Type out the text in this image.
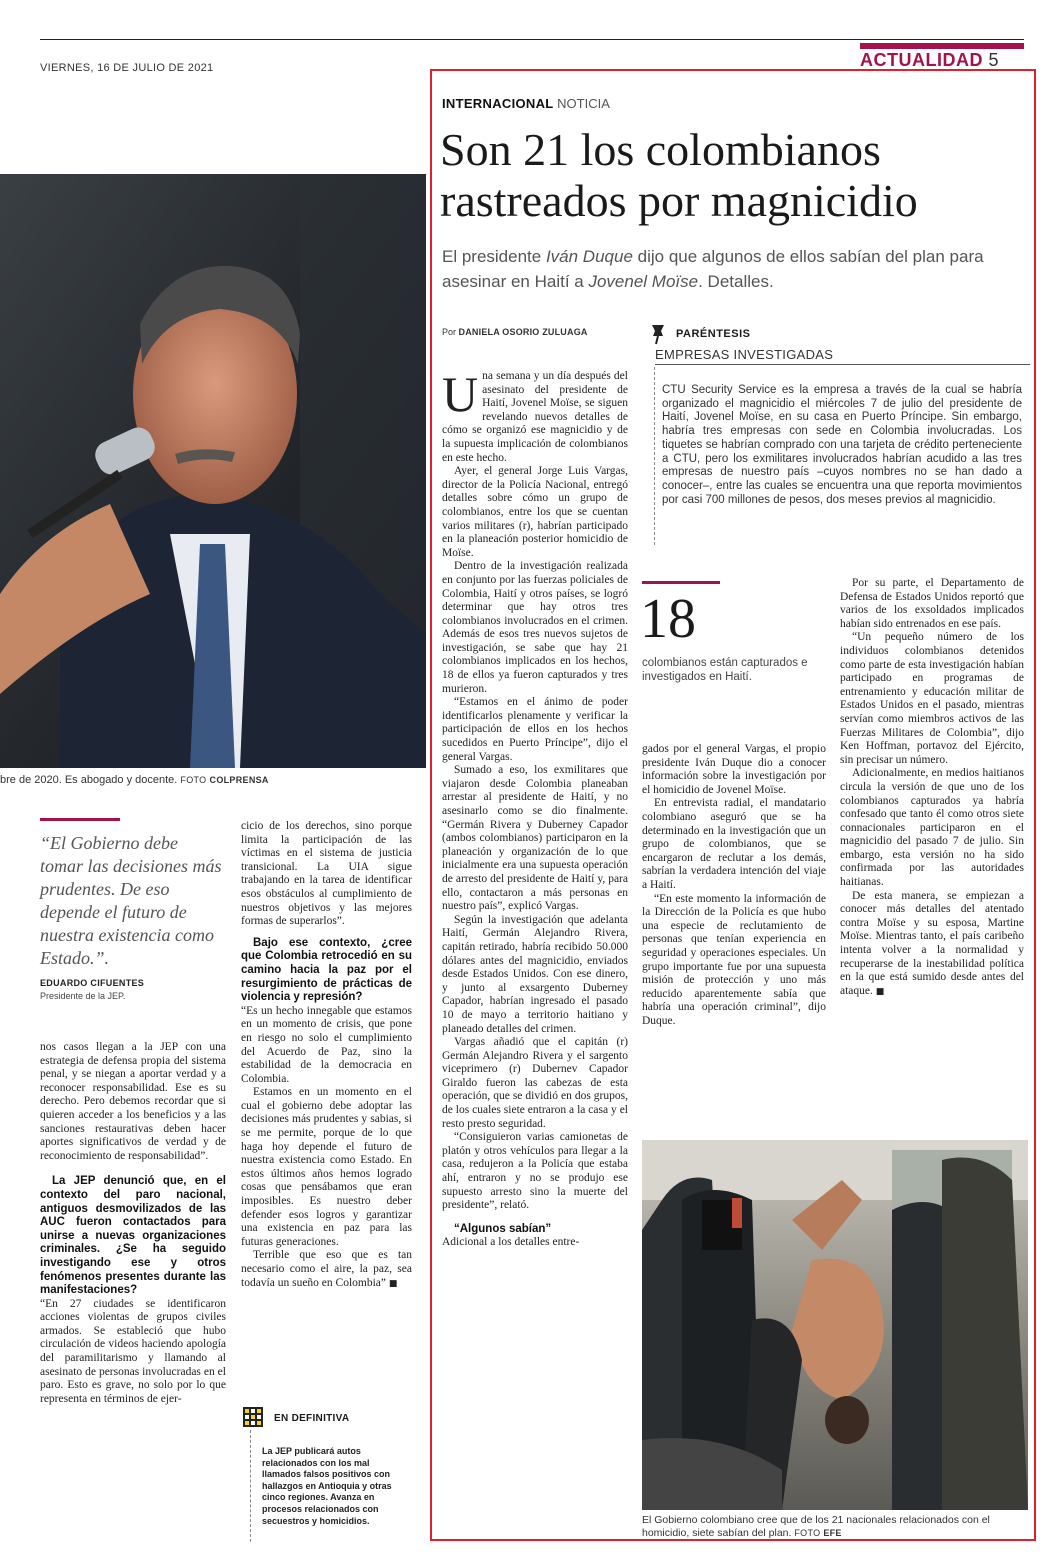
VIERNES, 16 DE JULIO DE 2021	ACTUALIDAD 5
bre de 2020. Es abogado y docente. FOTO COLPRENSA
“El Gobierno debe tomar las decisiones más prudentes. De eso depende el futuro de nuestra existencia como Estado.”.
EDUARDO CIFUENTES
Presidente de la JEP.

nos casos llegan a la JEP con una estrategia de defensa propia del sistema penal, y se niegan a aportar verdad y a reconocer responsabilidad. Ese es su derecho. Pero debemos recordar que si quieren acceder a los beneficios y a las sanciones restaurativas deben hacer aportes significativos de verdad y de reconocimiento de responsabilidad”.

La JEP denunció que, en el contexto del paro nacional, antiguos desmovilizados de las AUC fueron contactados para unirse a nuevas organizaciones criminales. ¿Se ha seguido investigando ese y otros fenómenos presentes durante las manifestaciones?

“En 27 ciudades se identificaron acciones violentas de grupos civiles armados. Se estableció que hubo circulación de videos haciendo apología del paramilitarismo y llamando al asesinato de personas involucradas en el paro. Esto es grave, no solo por lo que representa en términos de ejer-

cicio de los derechos, sino porque limita la participación de las víctimas en el sistema de justicia transicional. La UIA sigue trabajando en la tarea de identificar esos obstáculos al cumplimiento de nuestros objetivos y las mejores formas de superarlos”.

Bajo ese contexto, ¿cree que Colombia retrocedió en su camino hacia la paz por el resurgimiento de prácticas de violencia y represión?

“Es un hecho innegable que estamos en un momento de crisis, que pone en riesgo no solo el cumplimiento del Acuerdo de Paz, sino la estabilidad de la democracia en Colombia.

Estamos en un momento en el cual el gobierno debe adoptar las decisiones más prudentes y sabias, si se me permite, porque de lo que haga hoy depende el futuro de nuestra existencia como Estado. En estos últimos años hemos logrado cosas que pensábamos que eran imposibles. Es nuestro deber defender esos logros y garantizar una existencia en paz para las futuras generaciones.

Terrible que eso que es tan necesario como el aire, la paz, sea todavía un sueño en Colombia” ■

EN DEFINITIVA
La JEP publicará autos relacionados con los mal llamados falsos positivos con hallazgos en Antioquia y otras cinco regiones. Avanza en procesos relacionados con secuestros y homicidios.
INTERNACIONAL NOTICIA
Son 21 los colombianos
rastreados por magnicidio
El presidente Iván Duque dijo que algunos de ellos sabían del plan para asesinar en Haití a Jovenel Moïse. Detalles.
Por DANIELA OSORIO ZULUAGA

Una semana y un día después del asesinato del presidente de Haití, Jovenel Moïse, se siguen revelando nuevos detalles de cómo se organizó ese magnicidio y de la supuesta implicación de colombianos en este hecho.

Ayer, el general Jorge Luis Vargas, director de la Policía Nacional, entregó detalles sobre cómo un grupo de colombianos, entre los que se cuentan varios militares (r), habrían participado en la planeación posterior homicidio de Moïse.

Dentro de la investigación realizada en conjunto por las fuerzas policiales de Colombia, Haití y otros países, se logró determinar que hay otros tres colombianos involucrados en el crimen. Además de esos tres nuevos sujetos de investigación, se sabe que hay 21 colombianos implicados en los hechos, 18 de ellos ya fueron capturados y tres murieron.

“Estamos en el ánimo de poder identificarlos plenamente y verificar la participación de ellos en los hechos sucedidos en Puerto Príncipe”, dijo el general Vargas.

Sumado a eso, los exmilitares que viajaron desde Colombia planeaban arrestar al presidente de Haití, y no asesinarlo como se dio finalmente. “Germán Rivera y Duberney Capador (ambos colombianos) participaron en la planeación y organización de lo que inicialmente era una supuesta operación de arresto del presidente de Haití y, para ello, contactaron a más personas en nuestro país”, explicó Vargas.

Según la investigación que adelanta Haití, Germán Alejandro Rivera, capitán retirado, habría recibido 50.000 dólares antes del magnicidio, enviados desde Estados Unidos. Con ese dinero, y junto al exsargento Duberney Capador, habrían ingresado el pasado 10 de mayo a territorio haitiano y planeado detalles del crimen.

Vargas añadió que el capitán (r) Germán Alejandro Rivera y el sargento viceprimero (r) Dubernev Capador Giraldo fueron las cabezas de esta operación, que se dividió en dos grupos, de los cuales siete entraron a la casa y el resto presto seguridad.

“Consiguieron varias camionetas de platón y otros vehículos para llegar a la casa, redujeron a la Policía que estaba ahí, entraron y no se produjo ese supuesto arresto sino la muerte del presidente”, relató.

“Algunos sabían”

Adicional a los detalles entre-

PARÉNTESIS
EMPRESAS INVESTIGADAS
CTU Security Service es la empresa a través de la cual se habría organizado el magnicidio el miércoles 7 de julio del presidente de Haití, Jovenel Moïse, en su casa en Puerto Príncipe. Sin embargo, habría tres empresas con sede en Colombia involucradas. Los tiquetes se habrían comprado con una tarjeta de crédito perteneciente a CTU, pero los exmilitares involucrados habrían acudido a las tres empresas de nuestro país –cuyos nombres no se han dado a conocer–, entre las cuales se encuentra una que reporta movimientos por casi 700 millones de pesos, dos meses previos al magnicidio.
18
colombianos están capturados e investigados en Haití.

gados por el general Vargas, el propio presidente Iván Duque dio a conocer información sobre la investigación por el homicidio de Jovenel Moïse.

En entrevista radial, el mandatario colombiano aseguró que se ha determinado en la investigación que un grupo de colombianos, que se encargaron de reclutar a los demás, sabrían la verdadera intención del viaje a Haití.

“En este momento la información de la Dirección de la Policía es que hubo una especie de reclutamiento de personas que tenían experiencia en seguridad y operaciones especiales. Un grupo importante fue por una supuesta misión de protección y uno más reducido aparentemente sabía que habría una operación criminal”, dijo Duque.

Por su parte, el Departamento de Defensa de Estados Unidos reportó que varios de los exsoldados implicados habían sido entrenados en ese país.

“Un pequeño número de los individuos colombianos detenidos como parte de esta investigación habían participado en programas de entrenamiento y educación militar de Estados Unidos en el pasado, mientras servían como miembros activos de las Fuerzas Militares de Colombia”, dijo Ken Hoffman, portavoz del Ejército, sin precisar un número.

Adicionalmente, en medios haitianos circula la versión de que uno de los colombianos capturados ya habría confesado que tanto él como otros siete connacionales participaron en el magnicidio del pasado 7 de julio. Sin embargo, esta versión no ha sido confirmada por las autoridades haitianas.

De esta manera, se empiezan a conocer más detalles del atentado contra Moïse y su esposa, Martine Moïse. Mientras tanto, el país caribeño intenta volver a la normalidad y recuperarse de la inestabilidad política en la que está sumido desde antes del ataque. ■

El Gobierno colombiano cree que de los 21 nacionales relacionados con el homicidio, siete sabían del plan. FOTO EFE
